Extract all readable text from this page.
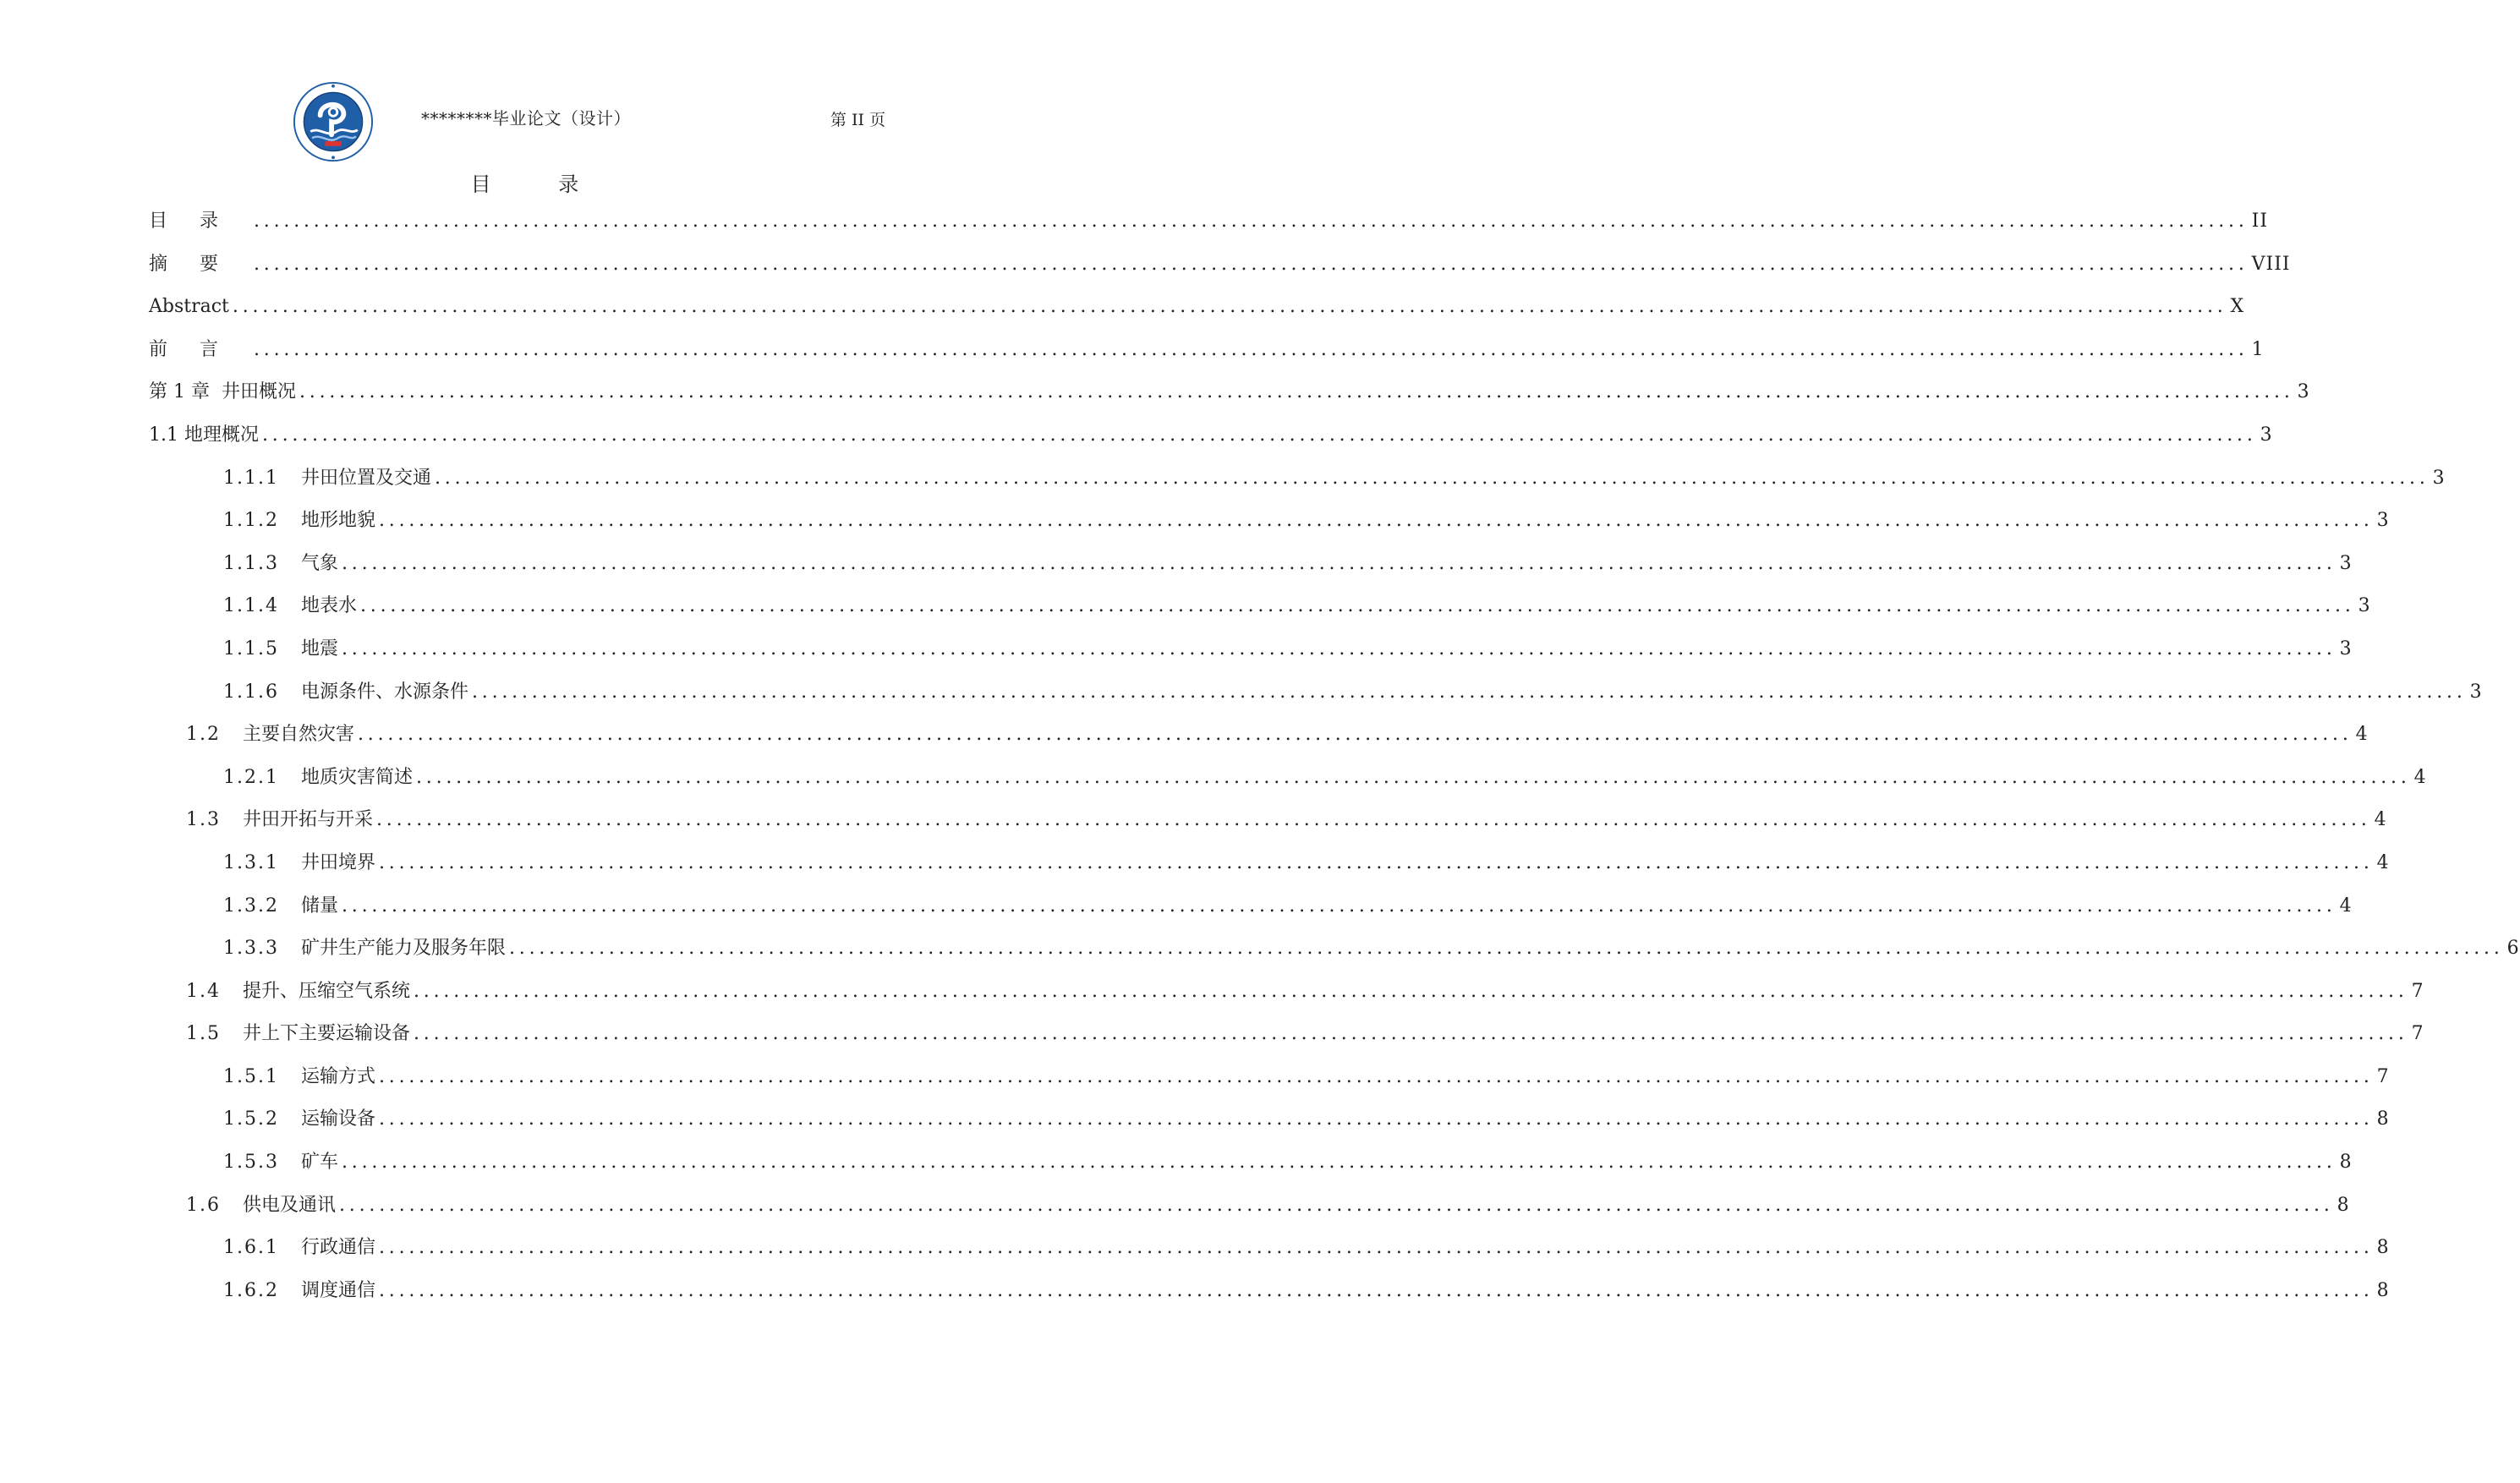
********毕业论文（设计）	第 II 页
目 录
目录 ........................................................................................................................................................................................................ II
摘要 ........................................................................................................................................................................................................ VIII
Abstract ........................................................................................................................................................................................................ X
前言 ........................................................................................................................................................................................................ 1
第 1 章  井田概况 ........................................................................................................................................................................................................ 3
1.1 地理概况 ........................................................................................................................................................................................................ 3
1.1.1 井田位置及交通 ........................................................................................................................................................................................................ 3
1.1.2 地形地貌 ........................................................................................................................................................................................................ 3
1.1.3 气象 ........................................................................................................................................................................................................ 3
1.1.4 地表水 ........................................................................................................................................................................................................ 3
1.1.5 地震 ........................................................................................................................................................................................................ 3
1.1.6 电源条件、水源条件 ........................................................................................................................................................................................................ 3
1.2 主要自然灾害 ........................................................................................................................................................................................................ 4
1.2.1 地质灾害简述 ........................................................................................................................................................................................................ 4
1.3 井田开拓与开采 ........................................................................................................................................................................................................ 4
1.3.1 井田境界 ........................................................................................................................................................................................................ 4
1.3.2 储量 ........................................................................................................................................................................................................ 4
1.3.3 矿井生产能力及服务年限 ........................................................................................................................................................................................................ 6
1.4 提升、压缩空气系统 ........................................................................................................................................................................................................ 7
1.5 井上下主要运输设备 ........................................................................................................................................................................................................ 7
1.5.1 运输方式 ........................................................................................................................................................................................................ 7
1.5.2 运输设备 ........................................................................................................................................................................................................ 8
1.5.3 矿车 ........................................................................................................................................................................................................ 8
1.6 供电及通讯 ........................................................................................................................................................................................................ 8
1.6.1 行政通信 ........................................................................................................................................................................................................ 8
1.6.2 调度通信 ........................................................................................................................................................................................................ 8
